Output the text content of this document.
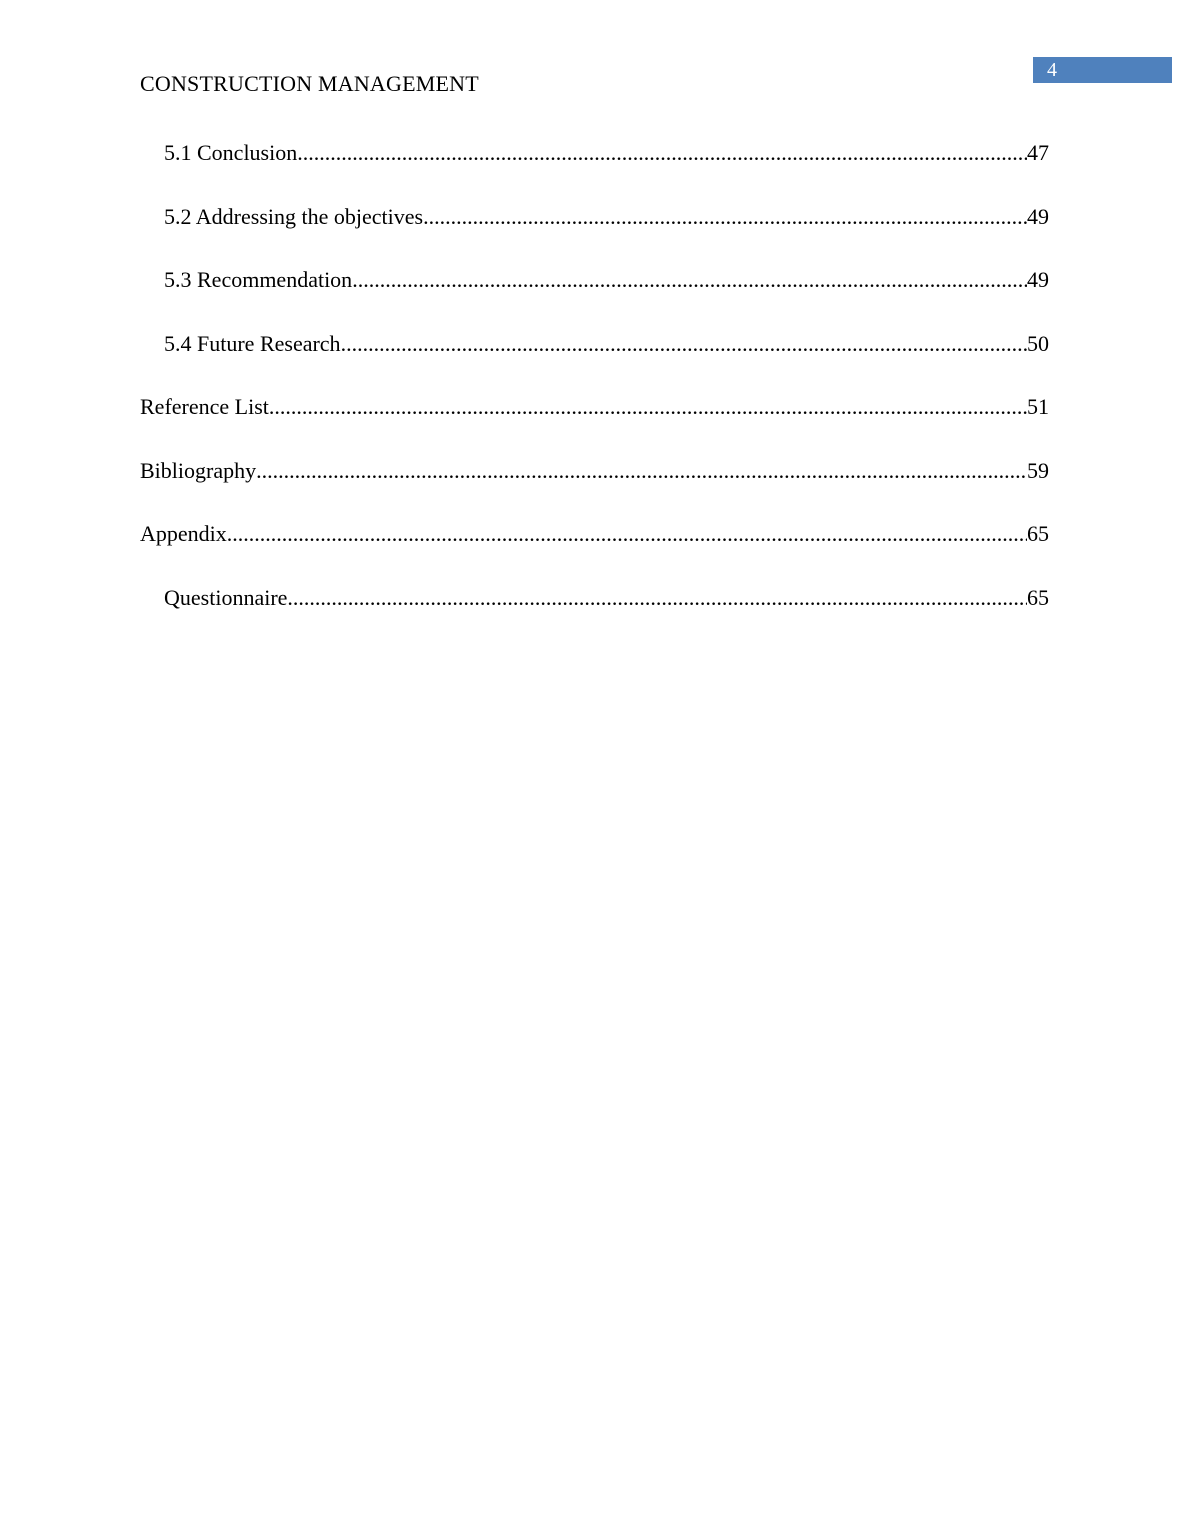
CONSTRUCTION MANAGEMENT
4
5.1 Conclusion .....	47
5.2 Addressing the objectives .....	49
5.3 Recommendation .....	49
5.4 Future Research .....	50
Reference List .....	51
Bibliography .....	59
Appendix .....	65
Questionnaire .....	65
